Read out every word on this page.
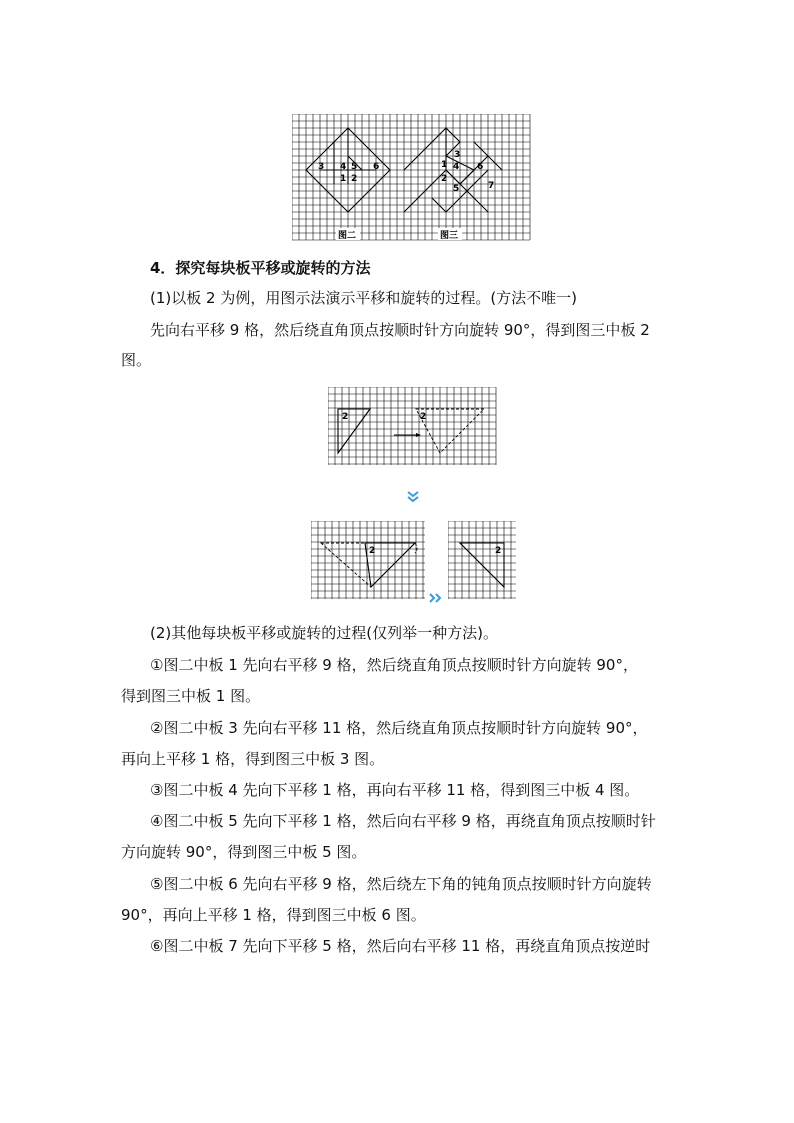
3 4 5 6
1 2
3
1 4 6
2
5	7
图二	图三
4．探究每块板平移或旋转的方法
(1)以板 2 为例，用图示法演示平移和旋转的过程。(方法不唯一)
先向右平移 9 格，然后绕直角顶点按顺时针方向旋转 90°，得到图三中板 2
图。
2	2
2	2
(2)其他每块板平移或旋转的过程(仅列举一种方法)。
①图二中板 1 先向右平移 9 格，然后绕直角顶点按顺时针方向旋转 90°，
得到图三中板 1 图。
②图二中板 3 先向右平移 11 格，然后绕直角顶点按顺时针方向旋转 90°，
再向上平移 1 格，得到图三中板 3 图。
③图二中板 4 先向下平移 1 格，再向右平移 11 格，得到图三中板 4 图。
④图二中板 5 先向下平移 1 格，然后向右平移 9 格，再绕直角顶点按顺时针
方向旋转 90°，得到图三中板 5 图。
⑤图二中板 6 先向右平移 9 格，然后绕左下角的钝角顶点按顺时针方向旋转
90°，再向上平移 1 格，得到图三中板 6 图。
⑥图二中板 7 先向下平移 5 格，然后向右平移 11 格，再绕直角顶点按逆时
